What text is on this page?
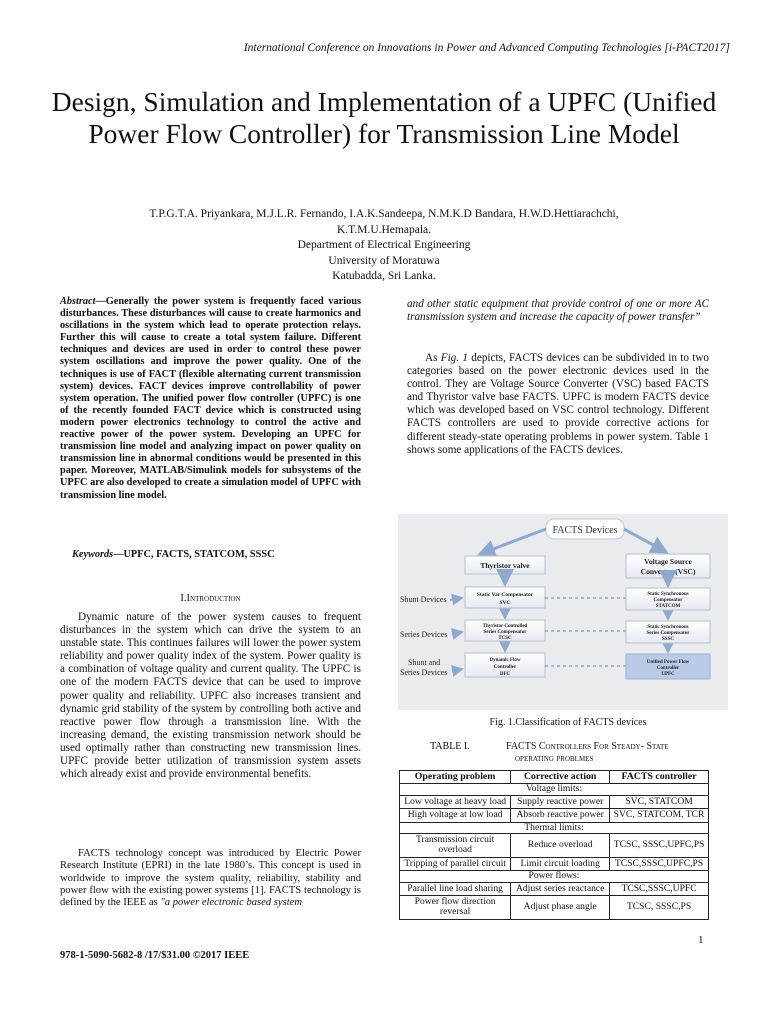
International Conference on Innovations in Power and Advanced Computing Technologies [i-PACT2017]
Design, Simulation and Implementation of a UPFC (Unified Power Flow Controller) for Transmission Line Model
T.P.G.T.A. Priyankara, M.J.L.R. Fernando, I.A.K.Sandeepa, N.M.K.D Bandara, H.W.D.Hettiarachchi,
K.T.M.U.Hemapala.
Department of Electrical Engineering
University of Moratuwa
Katubadda, Sri Lanka.
Abstract—Generally the power system is frequently faced various disturbances. These disturbances will cause to create harmonics and oscillations in the system which lead to operate protection relays. Further this will cause to create a total system failure. Different techniques and devices are used in order to control these power system oscillations and improve the power quality. One of the techniques is use of FACT (flexible alternating current transmission system) devices. FACT devices improve controllability of power system operation. The unified power flow controller (UPFC) is one of the recently founded FACT device which is constructed using modern power electronics technology to control the active and reactive power of the power system. Developing an UPFC for transmission line model and analyzing impact on power quality on transmission line in abnormal conditions would be presented in this paper. Moreover, MATLAB/Simulink models for subsystems of the UPFC are also developed to create a simulation model of UPFC with transmission line model.
Keywords—UPFC, FACTS, STATCOM, SSSC
I.Introduction
Dynamic nature of the power system causes to frequent disturbances in the system which can drive the system to an unstable state. This continues failures will lower the power system reliability and power quality index of the system. Power quality is a combination of voltage quality and current quality. The UPFC is one of the modern FACTS device that can be used to improve power quality and reliability. UPFC also increases transient and dynamic grid stability of the system by controlling both active and reactive power flow through a transmission line. With the increasing demand, the existing transmission network should be used optimally rather than constructing new transmission lines. UPFC provide better utilization of transmission system assets which already exist and provide environmental benefits.
FACTS technology concept was introduced by Electric Power Research Institute (EPRI) in the late 1980’s. This concept is used in worldwide to improve the system quality, reliability, stability and power flow with the existing power systems [1]. FACTS technology is defined by the IEEE as "a power electronic based system
and other static equipment that provide control of one or more AC transmission system and increase the capacity of power transfer”
As Fig. 1 depicts, FACTS devices can be subdivided in to two categories based on the power electronic devices used in the control. They are Voltage Source Converter (VSC) based FACTS and Thyristor valve base FACTS. UPFC is modern FACTS device which was developed based on VSC control technology. Different FACTS controllers are used to provide corrective actions for different steady-state operating problems in power system. Table 1 shows some applications of the FACTS devices.
FACTS Devices
Thyristor valve	Voltage Source
Converter (VSC)
Static Var Compensator
SVC
Thyristor Controlled
Series Compensator
TCSC
Dynamic Flow
Controller
DFC
Static Synchronous
Compensator
STATCOM
Static Synchronous
Series Compensator
SSSC
Unified Power Flow
Controller
UPFC
Shunt Devices
Series Devices
Shunt and
Series Devices
Fig. 1.Classification of FACTS devices
TABLE I.	FACTS Controllers For Steady- State
operating problmes
Operating problem	Corrective action	FACTS controller
Voltage limits:		
Low voltage at heavy load	Supply reactive power	SVC, STATCOM
High voltage at low load	Absorb reactive power	SVC, STATCOM, TCR
Thermal limits:		
Transmission circuit overload	Reduce overload	TCSC, SSSC,UPFC,PS
Tripping of parallel circuit	Limit circuit loading	TCSC,SSSC,UPFC,PS
Power flows:		
Parallel line load sharing	Adjust series reactance	TCSC,SSSC,UPFC
Power flow direction reversal	Adjust phase angle	TCSC, SSSC,PS
1
978-1-5090-5682-8 /17/$31.00 ©2017 IEEE
